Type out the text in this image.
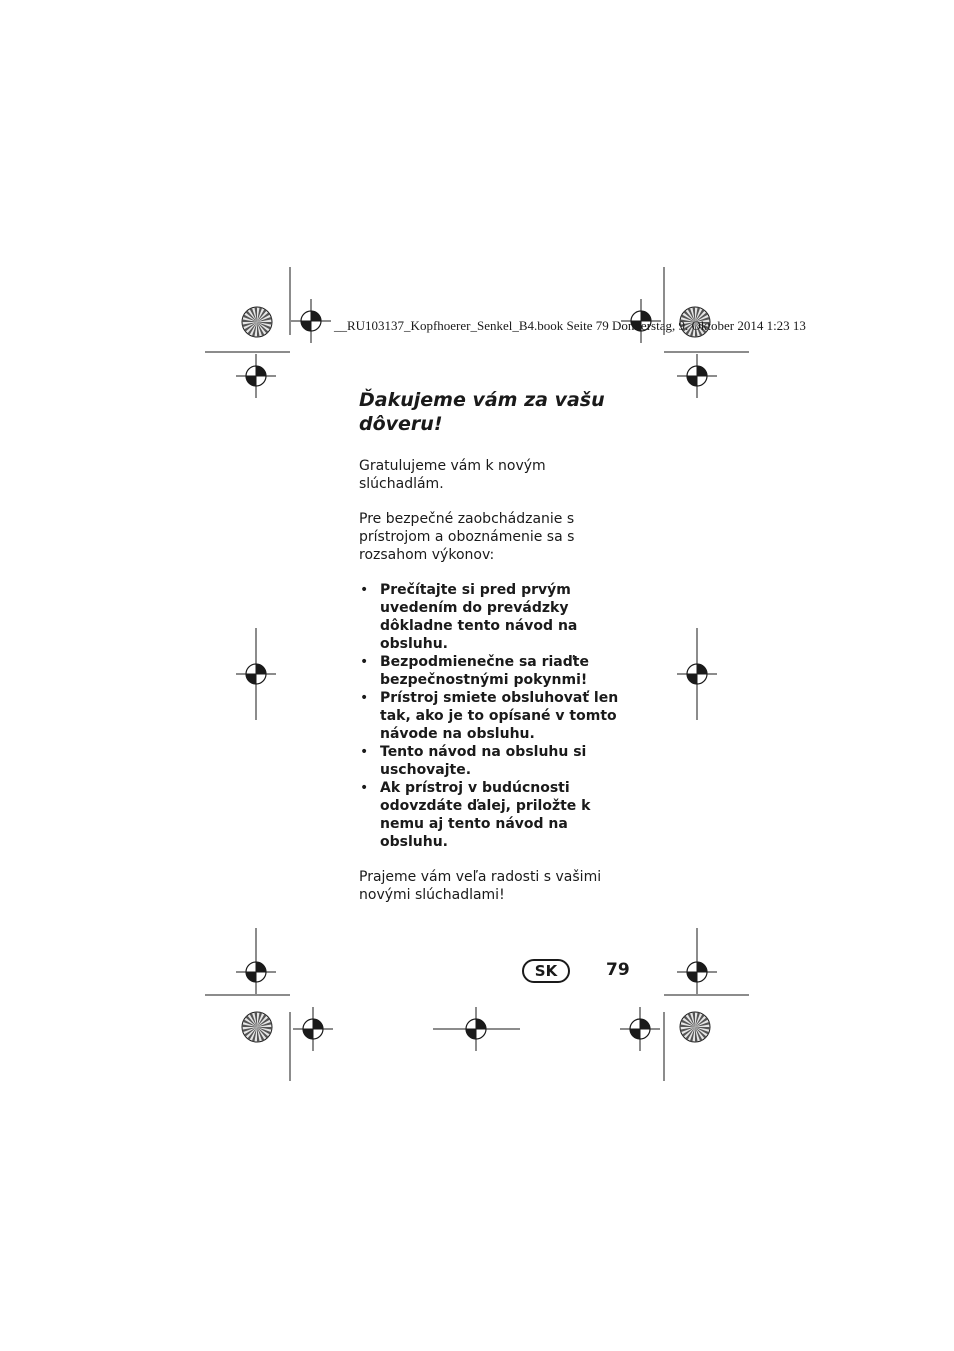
__RU103137_Kopfhoerer_Senkel_B4.book Seite 79 Donnerstag, 9. Oktober 2014 1:23 13
Ďakujeme vám za vašu dôveru!

Gratulujeme vám k novým slúchadlám.

Pre bezpečné zaobchádzanie s prístrojom a oboznámenie sa s rozsahom výkonov:

• Prečítajte si pred prvým uvedením do prevádzky dôkladne tento návod na obsluhu.
• Bezpodmienečne sa riaďte bezpečnostnými pokynmi!
• Prístroj smiete obsluhovať len tak, ako je to opísané v tomto návode na obsluhu.
• Tento návod na obsluhu si uschovajte.
• Ak prístroj v budúcnosti odovzdáte ďalej, priložte k nemu aj tento návod na obsluhu.

Prajeme vám veľa radosti s vašimi novými slúchadlami!

SK	79
